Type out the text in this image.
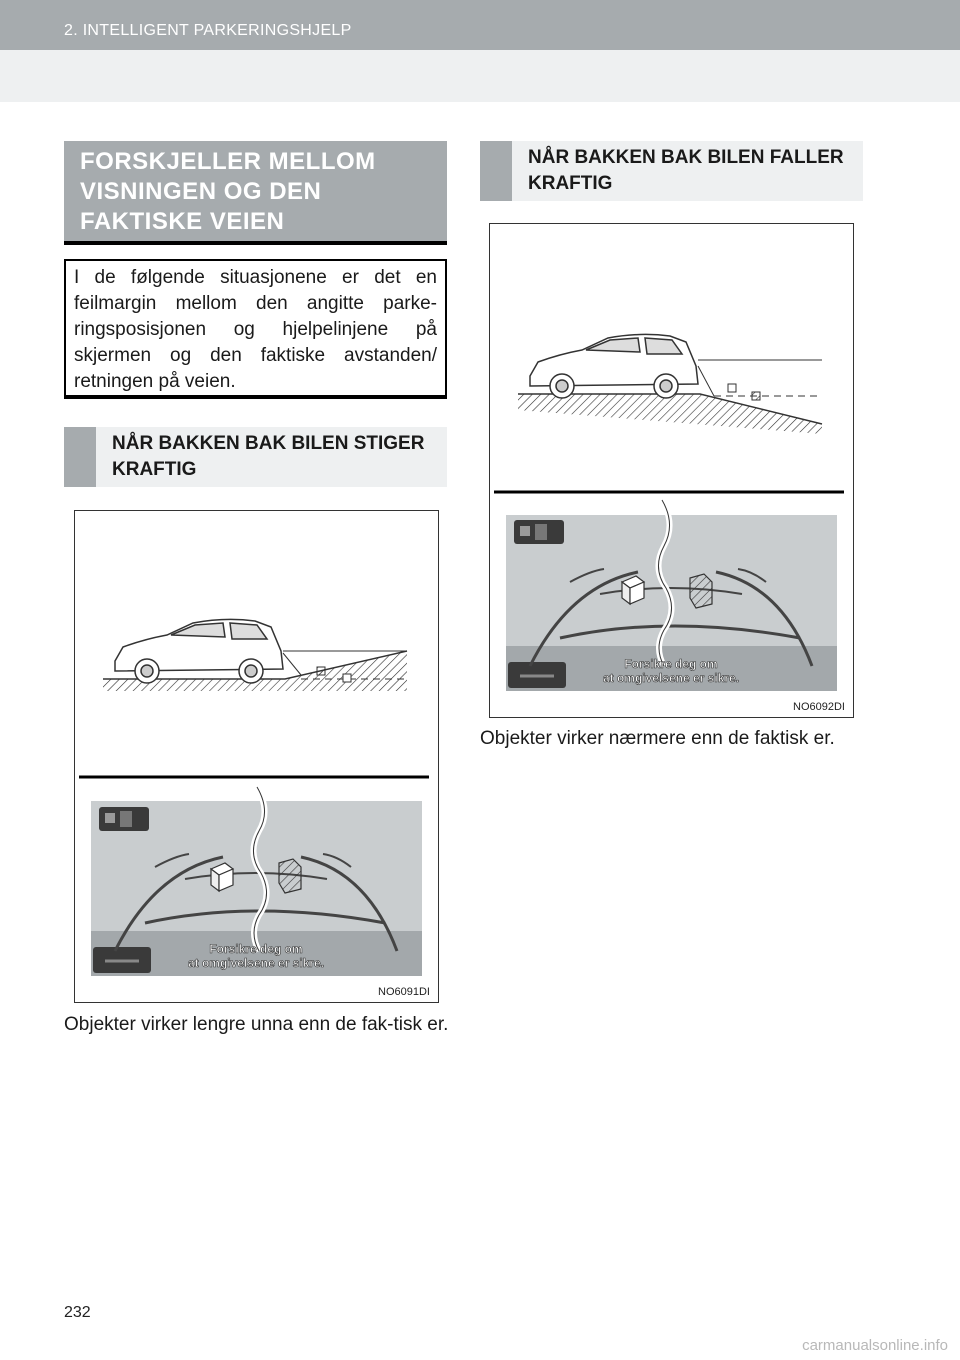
2. INTELLIGENT PARKERINGSHJELP
FORSKJELLER MELLOM VISNINGEN OG DEN FAKTISKE VEIEN
I de følgende situasjonene er det en feilmargin mellom den angitte parke-ringsposisjonen og hjelpelinjene på skjermen og den faktiske avstanden/ retningen på veien.
NÅR BAKKEN BAK BILEN STIGER KRAFTIG
Forsikre deg om
at omgivelsene er sikre.
NO6091DI
Objekter virker lengre unna enn de fak-tisk er.
NÅR BAKKEN BAK BILEN FALLER KRAFTIG
Forsikre deg om
at omgivelsene er sikre.
NO6092DI
Objekter virker nærmere enn de faktisk er.
232
carmanualsonline.info
